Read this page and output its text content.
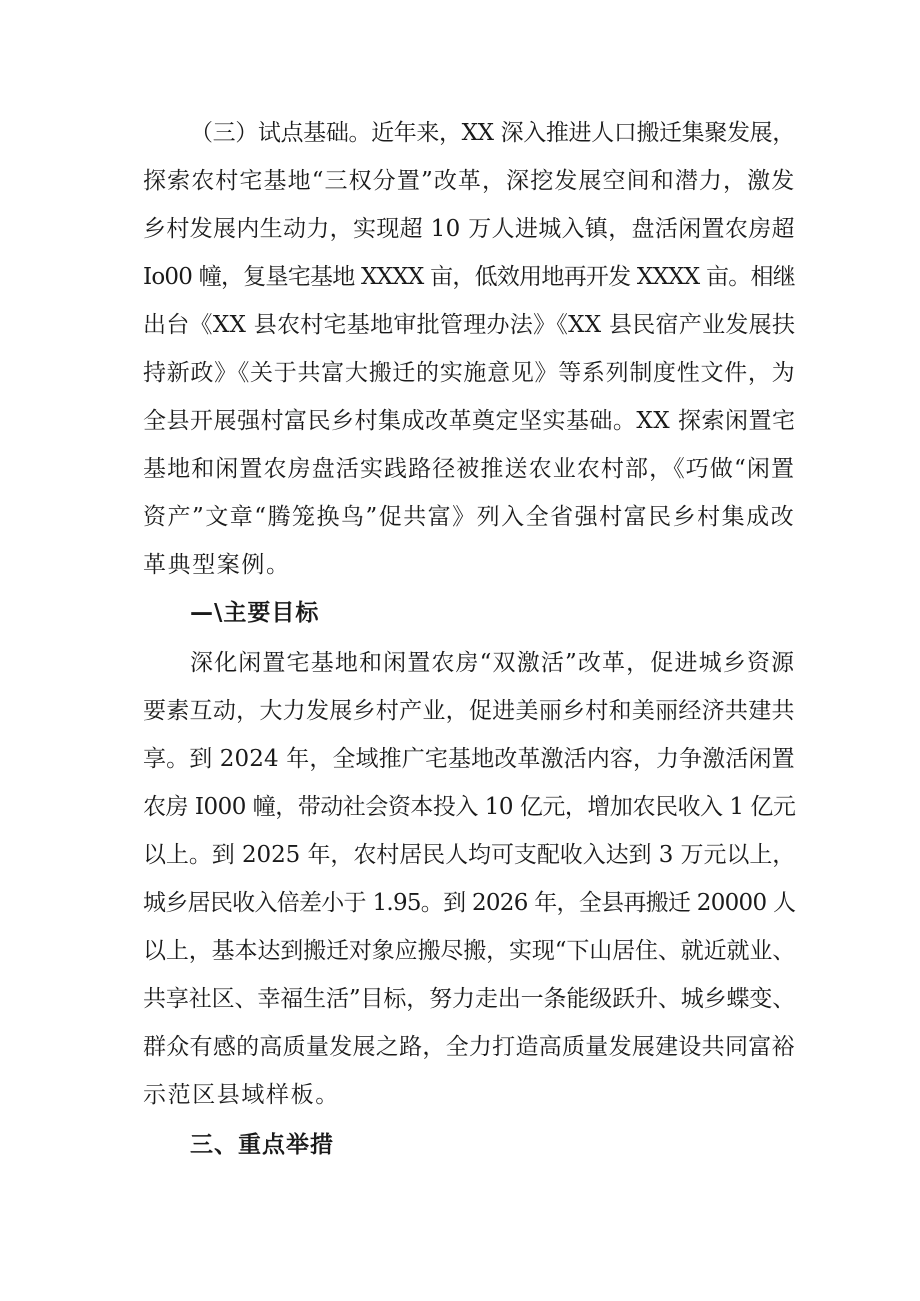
（三）试点基础。近年来，XX 深入推进人口搬迁集聚发展，
探索农村宅基地“三权分置”改革，深挖发展空间和潜力，激发
乡村发展内生动力，实现超 10 万人进城入镇，盘活闲置农房超
Io00 幢，复垦宅基地 XXXX 亩，低效用地再开发 XXXX 亩。相继
出台《XX 县农村宅基地审批管理办法》《XX 县民宿产业发展扶
持新政》《关于共富大搬迁的实施意见》等系列制度性文件，为
全县开展强村富民乡村集成改革奠定坚实基础。XX 探索闲置宅
基地和闲置农房盘活实践路径被推送农业农村部，《巧做“闲置
资产”文章“腾笼换鸟”促共富》列入全省强村富民乡村集成改
革典型案例。
—\主要目标
深化闲置宅基地和闲置农房“双激活”改革，促进城乡资源
要素互动，大力发展乡村产业，促进美丽乡村和美丽经济共建共
享。到 2024 年，全域推广宅基地改革激活内容，力争激活闲置
农房 I000 幢，带动社会资本投入 10 亿元，增加农民收入 1 亿元
以上。到 2025 年，农村居民人均可支配收入达到 3 万元以上，
城乡居民收入倍差小于 1.95。到 2026 年，全县再搬迁 20000 人
以上，基本达到搬迁对象应搬尽搬，实现“下山居住、就近就业、
共享社区、幸福生活”目标，努力走出一条能级跃升、城乡蝶变、
群众有感的高质量发展之路，全力打造高质量发展建设共同富裕
示范区县域样板。
三、重点举措
